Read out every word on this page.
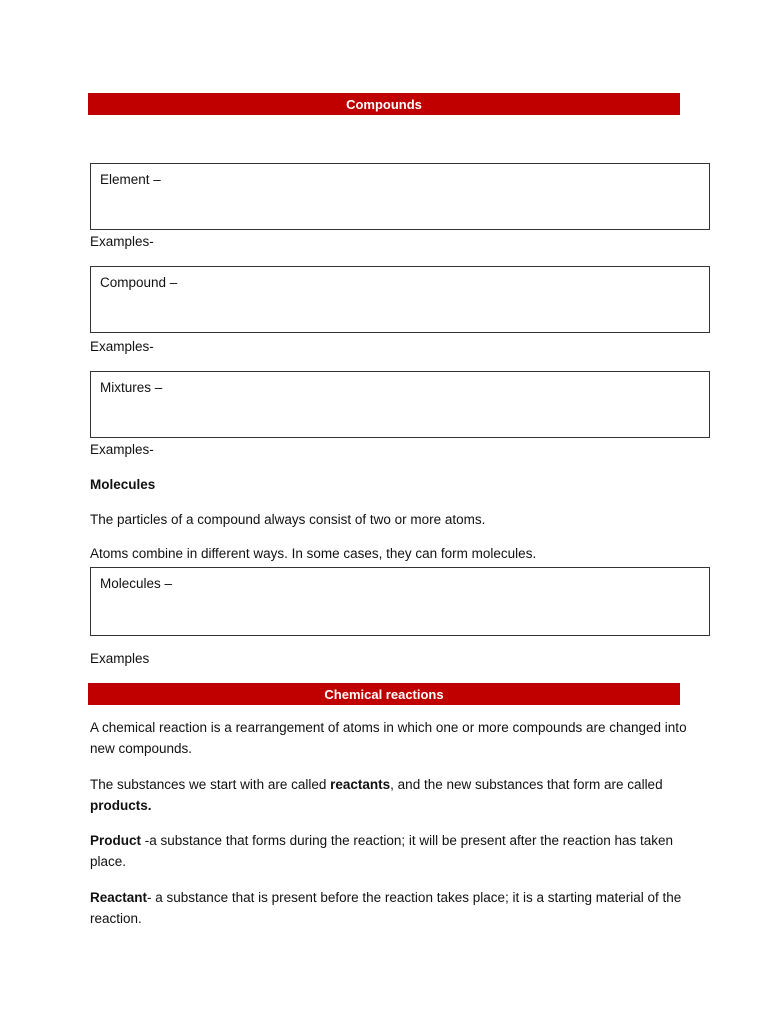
Compounds
Element –
Examples-
Compound –
Examples-
Mixtures –
Examples-
Molecules
The particles of a compound always consist of two or more atoms.
Atoms combine in different ways. In some cases, they can form molecules.
Molecules –
Examples
Chemical reactions
A chemical reaction is a rearrangement of atoms in which one or more compounds are changed into new compounds.
The substances we start with are called reactants, and the new substances that form are called products.
Product -a substance that forms during the reaction; it will be present after the reaction has taken place.
Reactant- a substance that is present before the reaction takes place; it is a starting material of the reaction.
